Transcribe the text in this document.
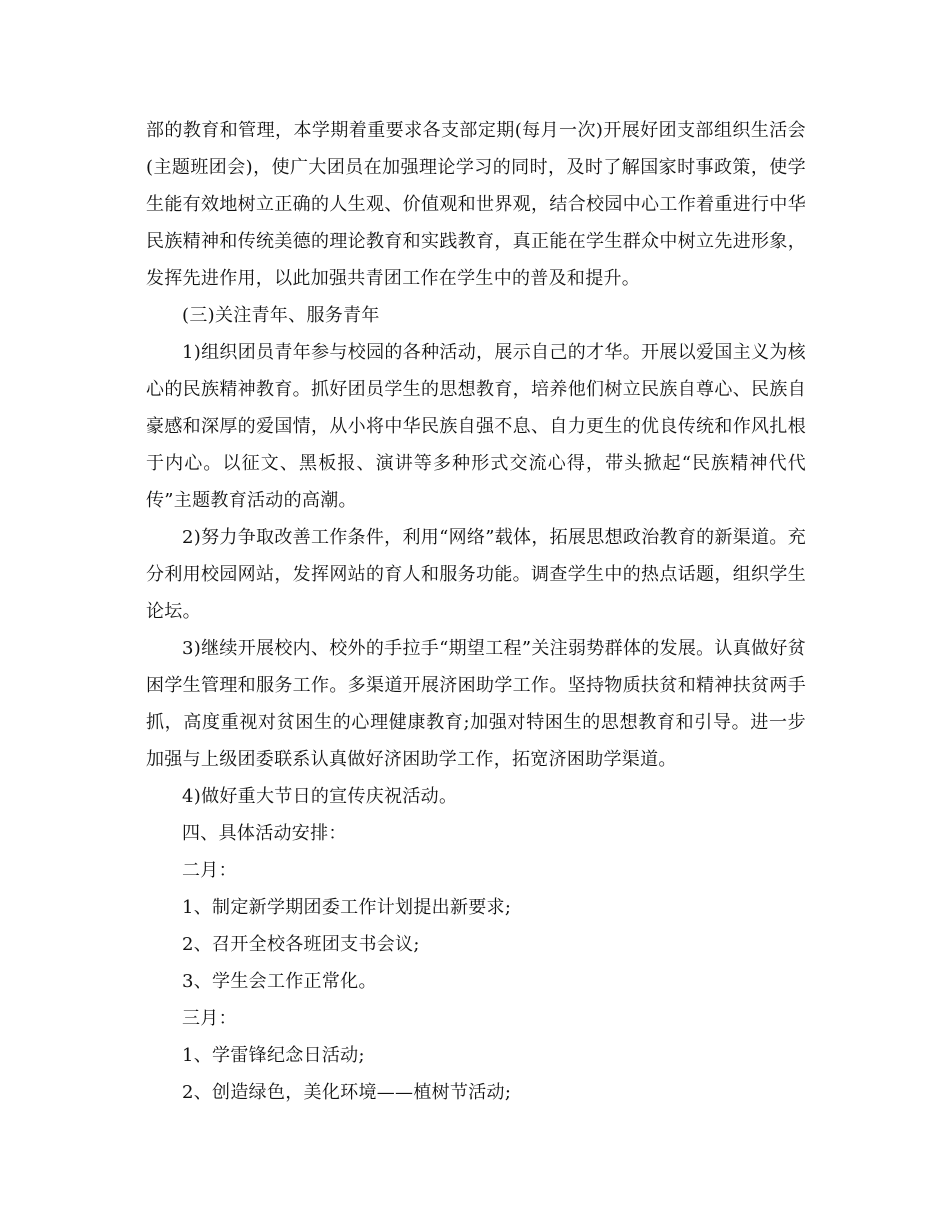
部的教育和管理，本学期着重要求各支部定期(每月一次)开展好团支部组织生活会(主题班团会)，使广大团员在加强理论学习的同时，及时了解国家时事政策，使学生能有效地树立正确的人生观、价值观和世界观，结合校园中心工作着重进行中华民族精神和传统美德的理论教育和实践教育，真正能在学生群众中树立先进形象，发挥先进作用，以此加强共青团工作在学生中的普及和提升。

(三)关注青年、服务青年

1)组织团员青年参与校园的各种活动，展示自己的才华。开展以爱国主义为核心的民族精神教育。抓好团员学生的思想教育，培养他们树立民族自尊心、民族自豪感和深厚的爱国情，从小将中华民族自强不息、自力更生的优良传统和作风扎根于内心。以征文、黑板报、演讲等多种形式交流心得，带头掀起“民族精神代代传”主题教育活动的高潮。

2)努力争取改善工作条件，利用“网络”载体，拓展思想政治教育的新渠道。充分利用校园网站，发挥网站的育人和服务功能。调查学生中的热点话题，组织学生论坛。

3)继续开展校内、校外的手拉手“期望工程”关注弱势群体的发展。认真做好贫困学生管理和服务工作。多渠道开展济困助学工作。坚持物质扶贫和精神扶贫两手抓，高度重视对贫困生的心理健康教育;加强对特困生的思想教育和引导。进一步加强与上级团委联系认真做好济困助学工作，拓宽济困助学渠道。

4)做好重大节日的宣传庆祝活动。

四、具体活动安排：

二月：

1、制定新学期团委工作计划提出新要求;

2、召开全校各班团支书会议;

3、学生会工作正常化。

三月：

1、学雷锋纪念日活动;

2、创造绿色，美化环境——植树节活动;
